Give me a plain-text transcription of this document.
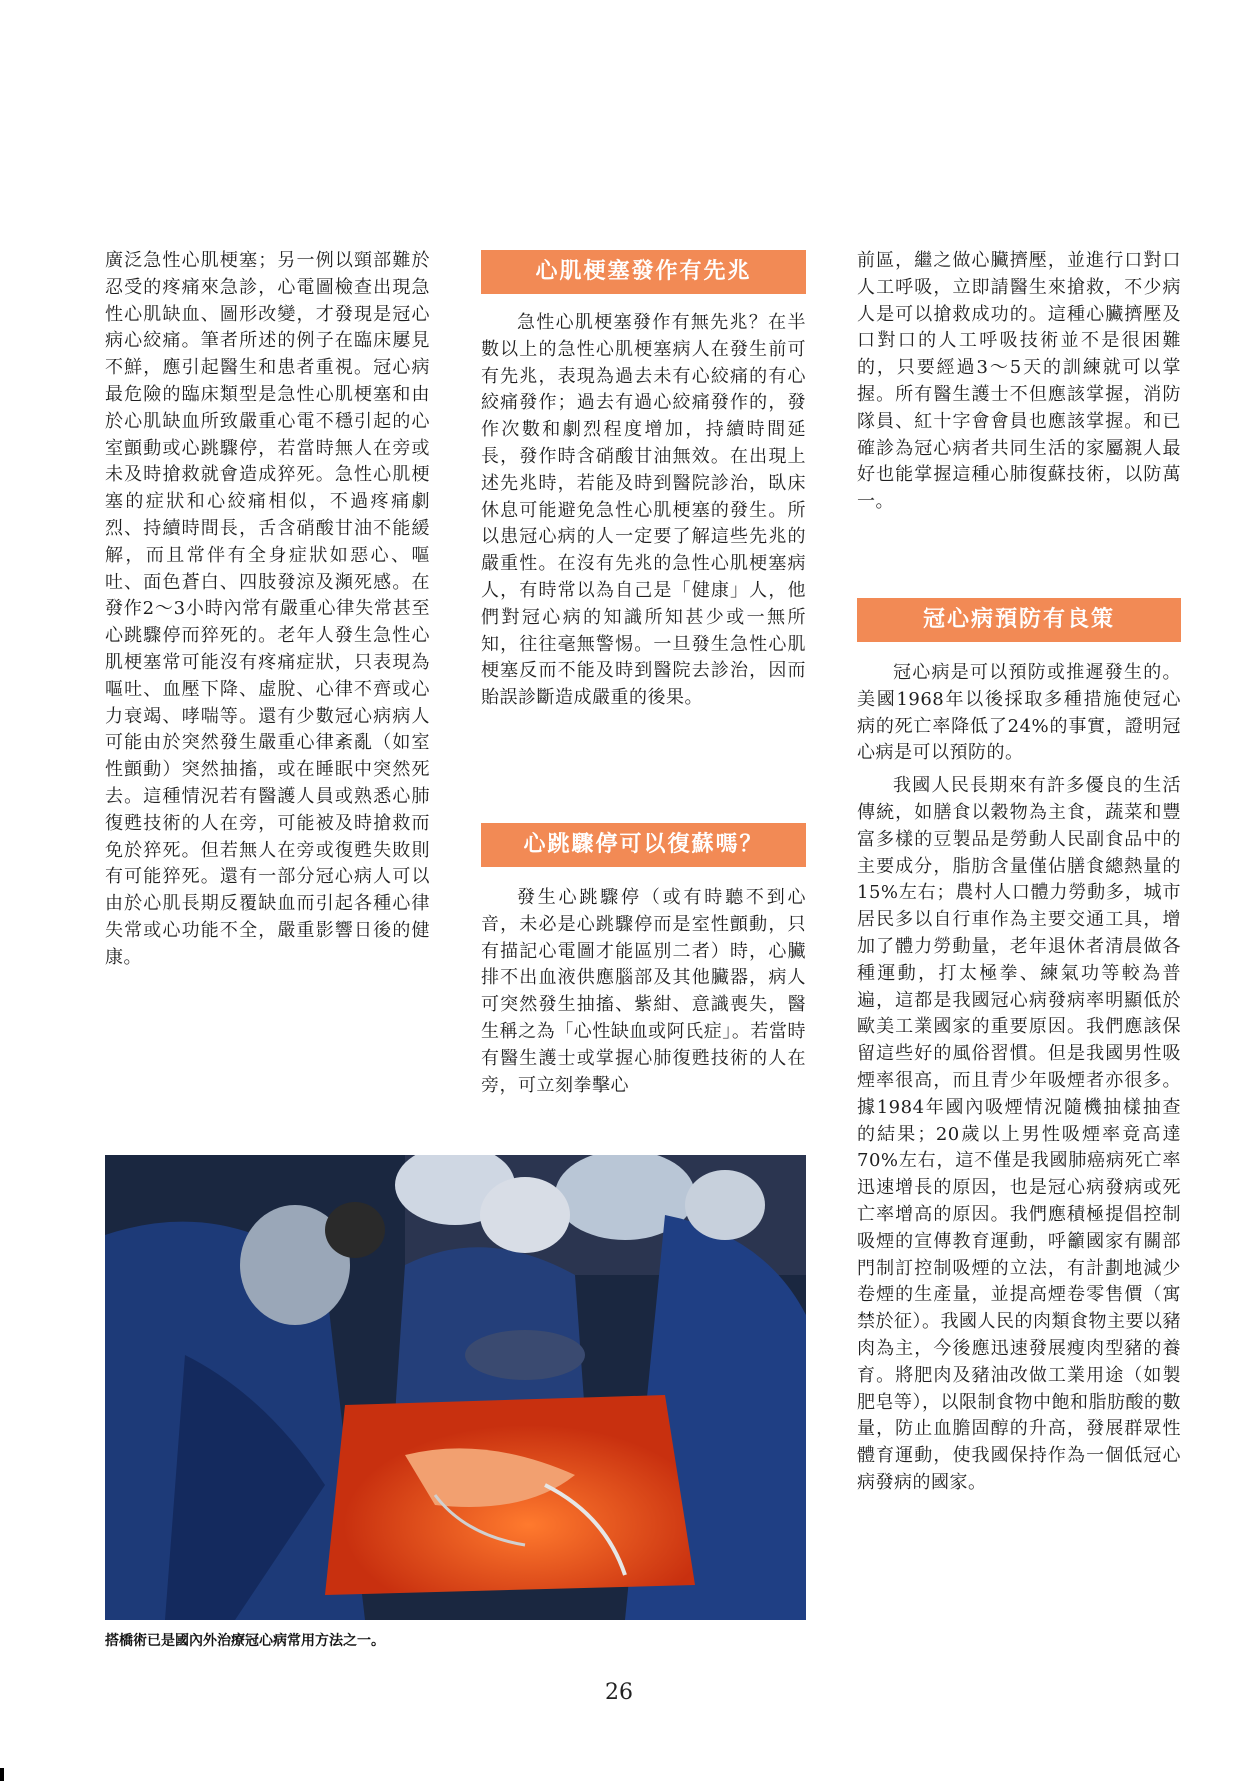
廣泛急性心肌梗塞；另一例以頸部難於忍受的疼痛來急診，心電圖檢查出現急性心肌缺血、圖形改變，才發現是冠心病心絞痛。筆者所述的例子在臨床屢見不鮮，應引起醫生和患者重視。冠心病最危險的臨床類型是急性心肌梗塞和由於心肌缺血所致嚴重心電不穩引起的心室顫動或心跳驟停，若當時無人在旁或未及時搶救就會造成猝死。急性心肌梗塞的症狀和心絞痛相似，不過疼痛劇烈、持續時間長，舌含硝酸甘油不能緩解，而且常伴有全身症狀如惡心、嘔吐、面色蒼白、四肢發涼及瀕死感。在發作2～3小時內常有嚴重心律失常甚至心跳驟停而猝死的。老年人發生急性心肌梗塞常可能沒有疼痛症狀，只表現為嘔吐、血壓下降、虛脫、心律不齊或心力衰竭、哮喘等。還有少數冠心病病人可能由於突然發生嚴重心律紊亂（如室性顫動）突然抽搐，或在睡眠中突然死去。這種情況若有醫護人員或熟悉心肺復甦技術的人在旁，可能被及時搶救而免於猝死。但若無人在旁或復甦失敗則有可能猝死。還有一部分冠心病人可以由於心肌長期反覆缺血而引起各種心律失常或心功能不全，嚴重影響日後的健康。

心肌梗塞發作有先兆

急性心肌梗塞發作有無先兆？在半數以上的急性心肌梗塞病人在發生前可有先兆，表現為過去未有心絞痛的有心絞痛發作；過去有過心絞痛發作的，發作次數和劇烈程度增加，持續時間延長，發作時含硝酸甘油無效。在出現上述先兆時，若能及時到醫院診治，臥床休息可能避免急性心肌梗塞的發生。所以患冠心病的人一定要了解這些先兆的嚴重性。在沒有先兆的急性心肌梗塞病人，有時常以為自己是「健康」人，他們對冠心病的知識所知甚少或一無所知，往往毫無警惕。一旦發生急性心肌梗塞反而不能及時到醫院去診治，因而貽誤診斷造成嚴重的後果。

心跳驟停可以復蘇嗎？

發生心跳驟停（或有時聽不到心音，未必是心跳驟停而是室性顫動，只有描記心電圖才能區別二者）時，心臟排不出血液供應腦部及其他臟器，病人可突然發生抽搐、紫紺、意識喪失，醫生稱之為「心性缺血或阿氏症」。若當時有醫生護士或掌握心肺復甦技術的人在旁，可立刻拳擊心

前區，繼之做心臟擠壓，並進行口對口人工呼吸，立即請醫生來搶救，不少病人是可以搶救成功的。這種心臟擠壓及口對口的人工呼吸技術並不是很困難的，只要經過3～5天的訓練就可以掌握。所有醫生護士不但應該掌握，消防隊員、紅十字會會員也應該掌握。和已確診為冠心病者共同生活的家屬親人最好也能掌握這種心肺復蘇技術，以防萬一。

冠心病預防有良策

冠心病是可以預防或推遲發生的。美國1968年以後採取多種措施使冠心病的死亡率降低了24%的事實，證明冠心病是可以預防的。

我國人民長期來有許多優良的生活傳統，如膳食以穀物為主食，蔬菜和豐富多樣的豆製品是勞動人民副食品中的主要成分，脂肪含量僅佔膳食總熱量的15%左右；農村人口體力勞動多，城市居民多以自行車作為主要交通工具，增加了體力勞動量，老年退休者清晨做各種運動，打太極拳、練氣功等較為普遍，這都是我國冠心病發病率明顯低於歐美工業國家的重要原因。我們應該保留這些好的風俗習慣。但是我國男性吸煙率很高，而且青少年吸煙者亦很多。據1984年國內吸煙情況隨機抽樣抽查的結果；20歲以上男性吸煙率竟高達70%左右，這不僅是我國肺癌病死亡率迅速增長的原因，也是冠心病發病或死亡率增高的原因。我們應積極提倡控制吸煙的宣傳教育運動，呼籲國家有關部門制訂控制吸煙的立法，有計劃地減少卷煙的生產量，並提高煙卷零售價（寓禁於征）。我國人民的肉類食物主要以豬肉為主，今後應迅速發展瘦肉型豬的養育。將肥肉及豬油改做工業用途（如製肥皂等），以限制食物中飽和脂肪酸的數量，防止血膽固醇的升高，發展群眾性體育運動，使我國保持作為一個低冠心病發病的國家。

搭橋術已是國內外治療冠心病常用方法之一。
26
